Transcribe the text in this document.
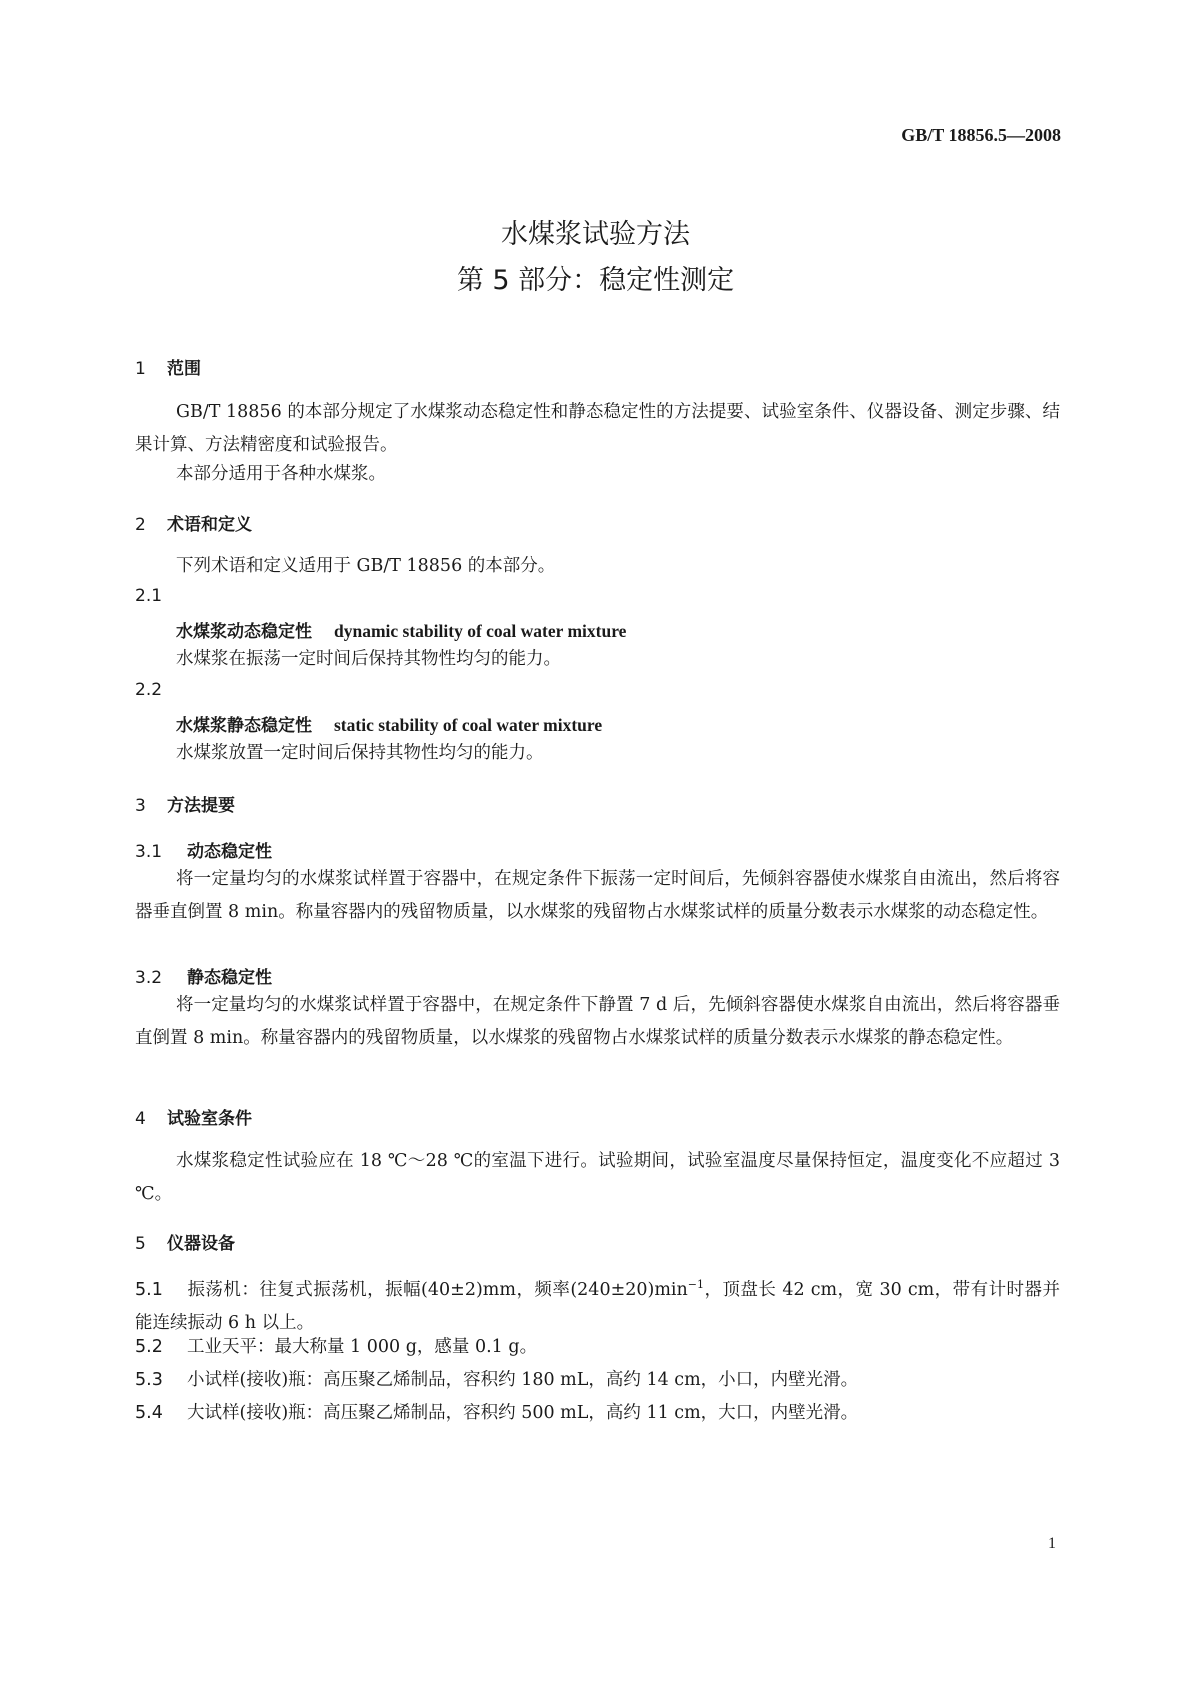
GB/T 18856.5—2008
水煤浆试验方法
第 5 部分：稳定性测定
1 范围
GB/T 18856 的本部分规定了水煤浆动态稳定性和静态稳定性的方法提要、试验室条件、仪器设备、测定步骤、结果计算、方法精密度和试验报告。
本部分适用于各种水煤浆。
2 术语和定义
下列术语和定义适用于 GB/T 18856 的本部分。
2.1
水煤浆动态稳定性 dynamic stability of coal water mixture
水煤浆在振荡一定时间后保持其物性均匀的能力。
2.2
水煤浆静态稳定性 static stability of coal water mixture
水煤浆放置一定时间后保持其物性均匀的能力。
3 方法提要
3.1 动态稳定性
将一定量均匀的水煤浆试样置于容器中，在规定条件下振荡一定时间后，先倾斜容器使水煤浆自由流出，然后将容器垂直倒置 8 min。称量容器内的残留物质量，以水煤浆的残留物占水煤浆试样的质量分数表示水煤浆的动态稳定性。
3.2 静态稳定性
将一定量均匀的水煤浆试样置于容器中，在规定条件下静置 7 d 后，先倾斜容器使水煤浆自由流出，然后将容器垂直倒置 8 min。称量容器内的残留物质量，以水煤浆的残留物占水煤浆试样的质量分数表示水煤浆的静态稳定性。
4 试验室条件
水煤浆稳定性试验应在 18 ℃～28 ℃的室温下进行。试验期间，试验室温度尽量保持恒定，温度变化不应超过 3 ℃。
5 仪器设备
5.1 振荡机：往复式振荡机，振幅(40±2)mm，频率$(240\pm 20)\min^{-1}$，顶盘长 42 cm，宽 30 cm，带有计时器并能连续振动 6 h 以上。
5.2 工业天平：最大称量 1 000 g，感量 0.1 g。
5.3 小试样(接收)瓶：高压聚乙烯制品，容积约 180 mL，高约 14 cm，小口，内壁光滑。
5.4 大试样(接收)瓶：高压聚乙烯制品，容积约 500 mL，高约 11 cm，大口，内壁光滑。
1
